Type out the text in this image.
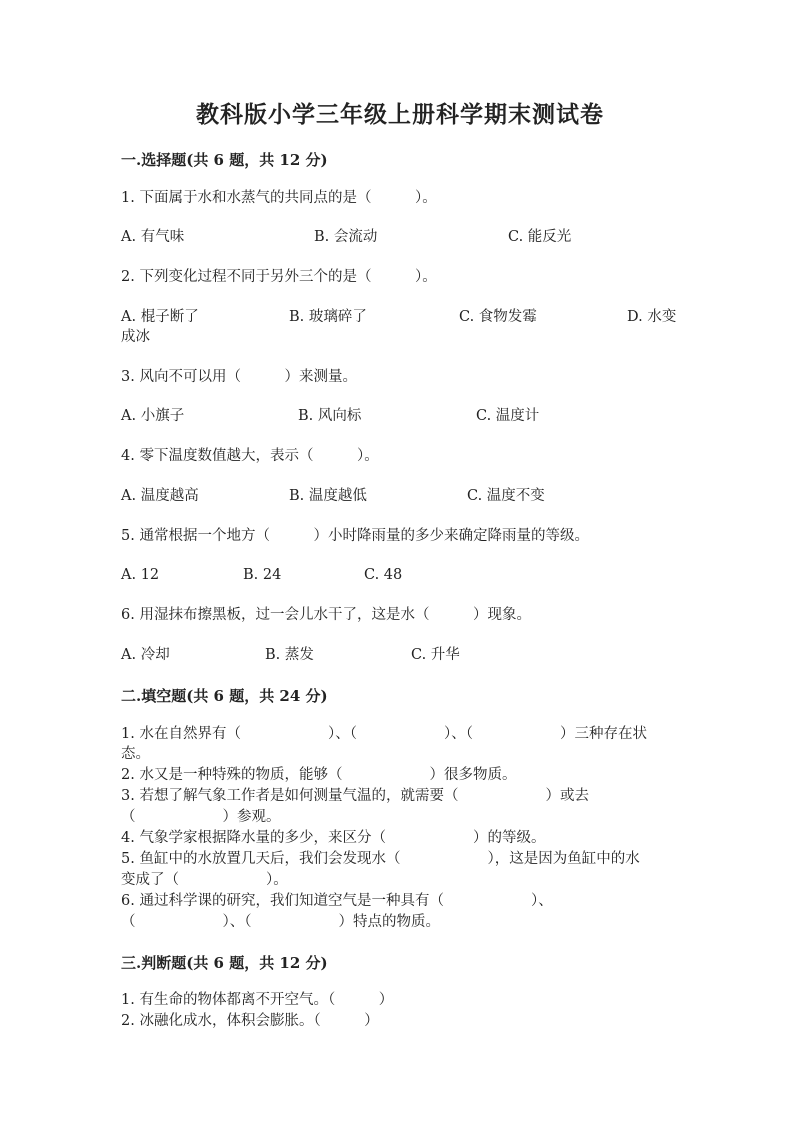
教科版小学三年级上册科学期末测试卷
一.选择题(共 6 题，共 12 分)
1. 下面属于水和水蒸气的共同点的是（　　　）。
A. 有气味	B. 会流动	C. 能反光
2. 下列变化过程不同于另外三个的是（　　　）。
A. 棍子断了	B. 玻璃碎了	C. 食物发霉	D. 水变
成冰
3. 风向不可以用（　　　）来测量。
A. 小旗子	B. 风向标	C. 温度计
4. 零下温度数值越大，表示（　　　）。
A. 温度越高	B. 温度越低	C. 温度不变
5. 通常根据一个地方（　　　）小时降雨量的多少来确定降雨量的等级。
A. 12	B. 24	C. 48
6. 用湿抹布擦黑板，过一会儿水干了，这是水（　　　）现象。
A. 冷却	B. 蒸发	C. 升华
二.填空题(共 6 题，共 24 分)
1. 水在自然界有（　　　　　　）、（　　　　　　）、（　　　　　　）三种存在状
态。
2. 水又是一种特殊的物质，能够（　　　　　　）很多物质。
3. 若想了解气象工作者是如何测量气温的，就需要（　　　　　　）或去
（　　　　　　）参观。
4. 气象学家根据降水量的多少，来区分（　　　　　　）的等级。
5. 鱼缸中的水放置几天后，我们会发现水（　　　　　　），这是因为鱼缸中的水
变成了（　　　　　　）。
6. 通过科学课的研究，我们知道空气是一种具有（　　　　　　）、
（　　　　　　）、（　　　　　　）特点的物质。
三.判断题(共 6 题，共 12 分)
1. 有生命的物体都离不开空气。（　　　）
2. 冰融化成水，体积会膨胀。（　　　）
